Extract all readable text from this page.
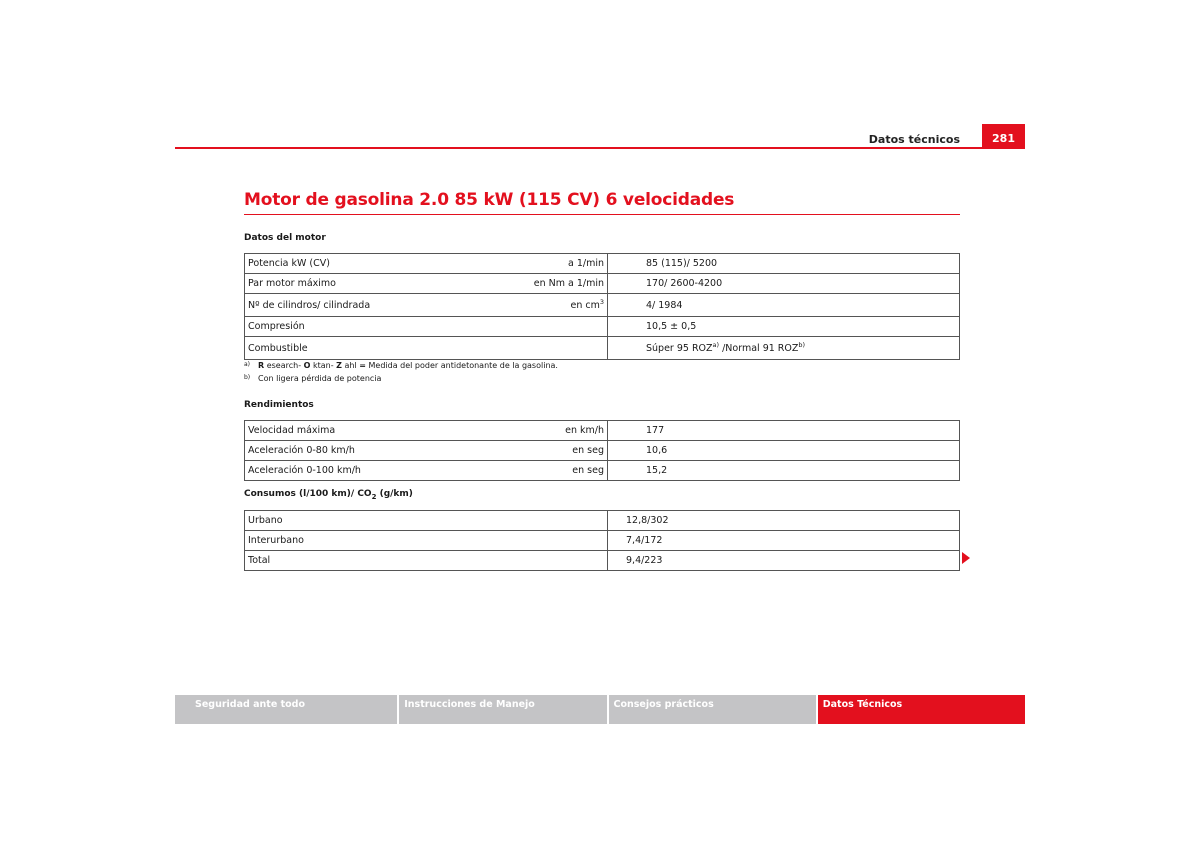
Datos técnicos	281
Motor de gasolina 2.0 85 kW (115 CV) 6 velocidades
Datos del motor
Potencia kW (CV)	a 1/min	85 (115)/ 5200
Par motor máximo	en Nm a 1/min	170/ 2600-4200
Nº de cilindros/ cilindrada	en $cm^3$	4/ 1984
Compresión		10,5 ± 0,5
Combustible		Súper 95 ROZ$^{a)}$ /Normal 91 ROZ$^{b)}$
a) R esearch- O ktan- Z ahl = Medida del poder antidetonante de la gasolina.
b) Con ligera pérdida de potencia
Rendimientos
Velocidad máxima	en km/h	177
Aceleración 0-80 km/h	en seg	10,6
Aceleración 0-100 km/h	en seg	15,2
Consumos (l/100 km)/ $CO_2$ (g/km)
Urbano	12,8/302
Interurbano	7,4/172
Total	9,4/223
Seguridad ante todo	Instrucciones de Manejo	Consejos prácticos	Datos Técnicos
